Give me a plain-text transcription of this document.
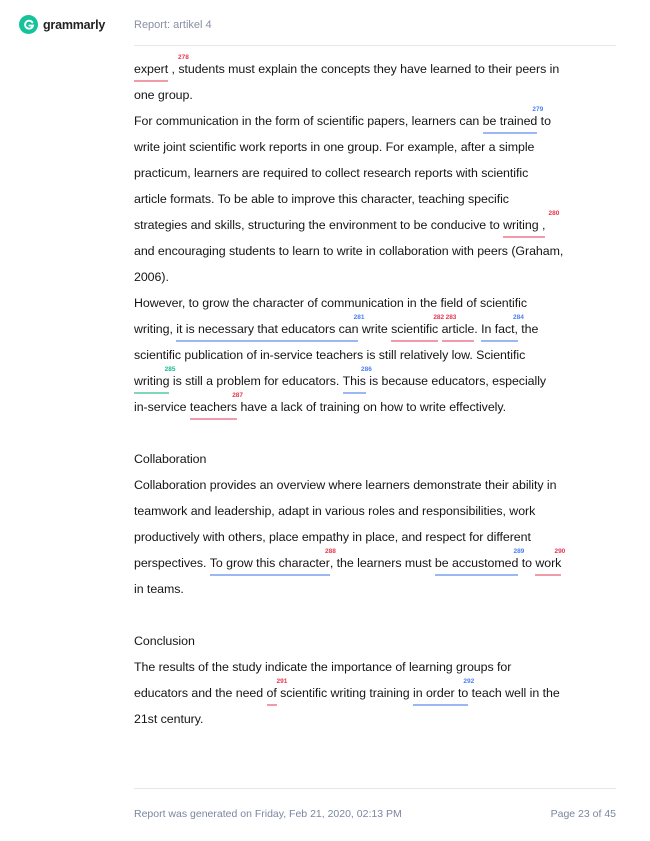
grammarly	Report: artikel 4
expert
278
, students must explain the concepts they have learned to their peers in
one group.
For communication in the form of scientific papers, learners can be trained
279
to
write joint scientific work reports in one group. For example, after a simple
practicum, learners are required to collect research reports with scientific
article formats. To be able to improve this character, teaching specific
strategies and skills, structuring the environment to be conducive to writing ,
280
and encouraging students to learn to write in collaboration with peers (Graham,
2006).
However, to grow the character of communication in the field of scientific
writing, it is necessary that educators can
281
write scientific
282
article
283
. In fact,
284
the
scientific publication of in-service teachers is still relatively low. Scientific
writing
285
is still a problem for educators. This
286
is because educators, especially
in-service teachers
287
have a lack of training on how to write effectively.
Collaboration
Collaboration provides an overview where learners demonstrate their ability in
teamwork and leadership, adapt in various roles and responsibilities, work
productively with others, place empathy in place, and respect for different
perspectives. To grow this character
288
, the learners must be accustomed
289
to work
290
in teams.
Conclusion
The results of the study indicate the importance of learning groups for
educators and the need of
291
scientific writing training in order to
292
teach well in the
21st century.
Report was generated on Friday, Feb 21, 2020, 02:13 PM	Page 23 of 45
